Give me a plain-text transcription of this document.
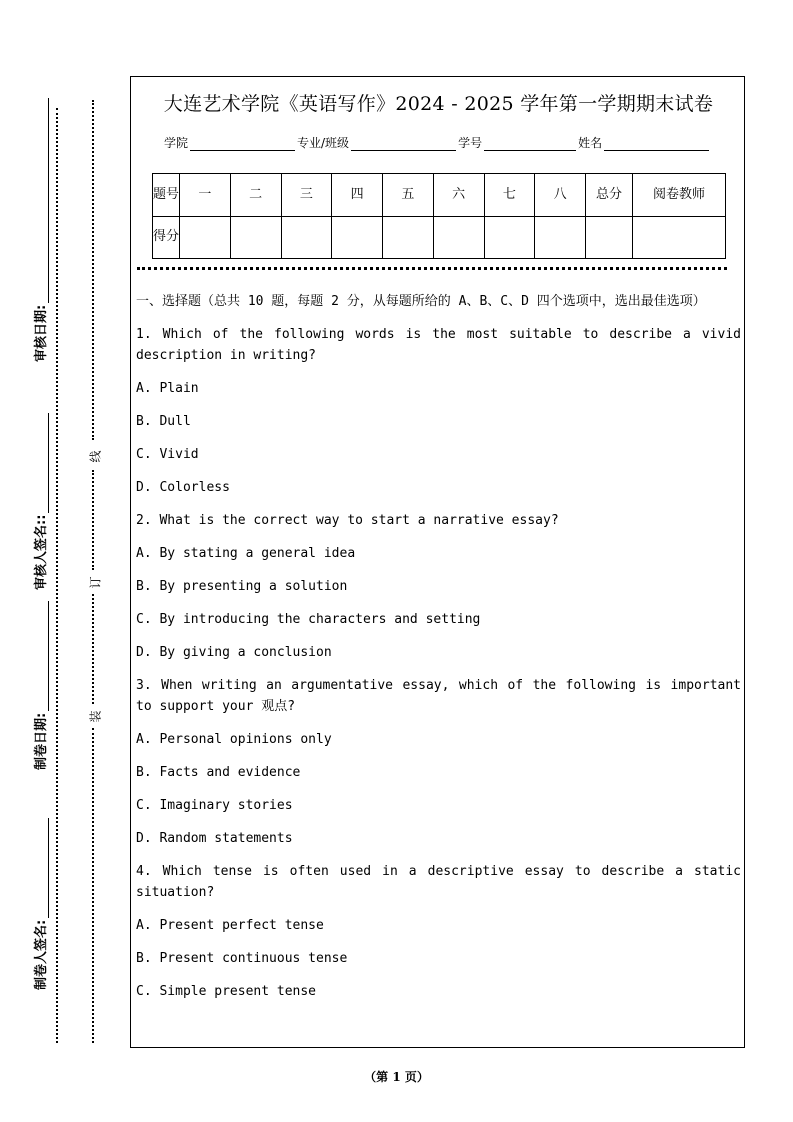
审核日期:
审核人签名::
制卷日期:
制卷人签名:
线
订
装
大连艺术学院《英语写作》2024 - 2025 学年第一学期期末试卷
学院	专业/班级	学号	姓名
题号	一	二	三	四	五	六	七	八	总分	阅卷教师
得分										

一、选择题（总共 10 题，每题 2 分，从每题所给的 A、B、C、D 四个选项中，选出最佳选项）

1. Which of the following words is the most suitable to describe a vivid description in writing?

A. Plain

B. Dull

C. Vivid

D. Colorless

2. What is the correct way to start a narrative essay?

A. By stating a general idea

B. By presenting a solution

C. By introducing the characters and setting

D. By giving a conclusion

3. When writing an argumentative essay, which of the following is important to support your 观点?

A. Personal opinions only

B. Facts and evidence

C. Imaginary stories

D. Random statements

4. Which tense is often used in a descriptive essay to describe a static situation?

A. Present perfect tense

B. Present continuous tense

C. Simple present tense

（第 1 页）
